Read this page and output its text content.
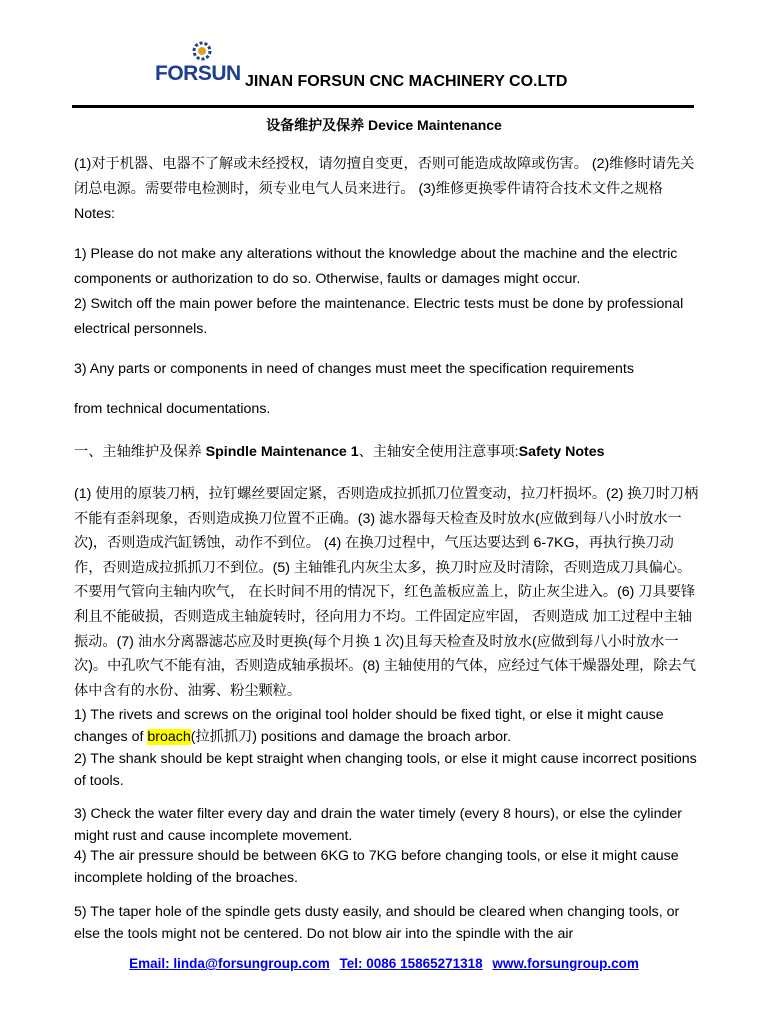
FORSUN JINAN FORSUN CNC MACHINERY CO.LTD
设备维护及保养 Device Maintenance
(1)对于机器、电器不了解或未经授权，请勿擅自变更，否则可能造成故障或伤害。 (2)维修时请先关闭总电源。需要带电检测时，须专业电气人员来进行。 (3)维修更换零件请符合技术文件之规格Notes:
1) Please do not make any alterations without the knowledge about the machine and the electric components or authorization to do so. Otherwise, faults or damages might occur.
2) Switch off the main power before the maintenance. Electric tests must be done by professional electrical personnels.
3) Any parts or components in need of changes must meet the specification requirements
from technical documentations.
一、主轴维护及保养 Spindle Maintenance 1、主轴安全使用注意事项:Safety Notes
(1) 使用的原装刀柄，拉钉螺丝要固定紧，否则造成拉抓抓刀位置变动，拉刀杆损坏。(2) 换刀时刀柄不能有歪斜现象，否则造成换刀位置不正确。(3) 滤水器每天检查及时放水(应做到每八小时放水一次)，否则造成汽缸锈蚀，动作不到位。 (4) 在换刀过程中，气压达要达到 6-7KG，再执行换刀动作，否则造成拉抓抓刀不到位。(5) 主轴锥孔内灰尘太多，换刀时应及时清除，否则造成刀具偏心。不要用气管向主轴内吹气， 在长时间不用的情况下，红色盖板应盖上，防止灰尘进入。(6) 刀具要锋利且不能破损，否则造成主轴旋转时，径向用力不均。工件固定应牢固， 否则造成 加工过程中主轴振动。(7) 油水分离器滤芯应及时更换(每个月换 1 次)且每天检查及时放水(应做到每八小时放水一 次)。中孔吹气不能有油，否则造成轴承损坏。(8) 主轴使用的气体，应经过气体干燥器处理，除去气体中含有的水份、油雾、粉尘颗粒。
1) The rivets and screws on the original tool holder should be fixed tight, or else it might cause changes of broach(拉抓抓刀) positions and damage the broach arbor.
2) The shank should be kept straight when changing tools, or else it might cause incorrect positions of tools.
3) Check the water filter every day and drain the water timely (every 8 hours), or else the cylinder might rust and cause incomplete movement.
4) The air pressure should be between 6KG to 7KG before changing tools, or else it might cause incomplete holding of the broaches.
5) The taper hole of the spindle gets dusty easily, and should be cleared when changing tools, or else the tools might not be centered. Do not blow air into the spindle with the air
Email: linda@forsungroup.com Tel: 0086 15865271318 www.forsungroup.com
